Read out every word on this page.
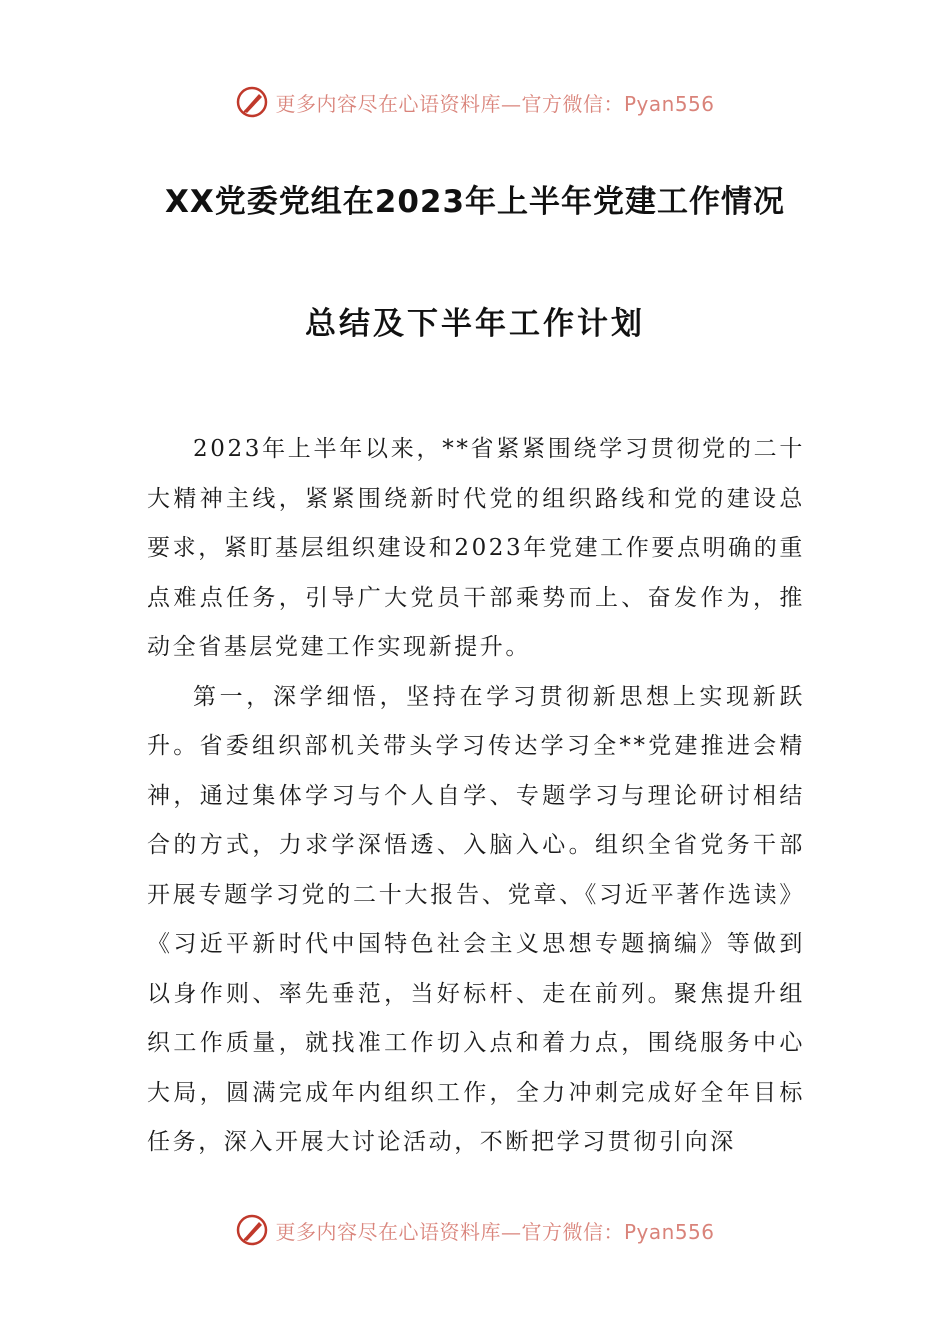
更多内容尽在心语资料库—官方微信：Pyan556
XX党委党组在2023年上半年党建工作情况
总结及下半年工作计划

2023年上半年以来，**省紧紧围绕学习贯彻党的二十大精神主线，紧紧围绕新时代党的组织路线和党的建设总要求，紧盯基层组织建设和2023年党建工作要点明确的重点难点任务，引导广大党员干部乘势而上、奋发作为，推动全省基层党建工作实现新提升。

第一，深学细悟，坚持在学习贯彻新思想上实现新跃升。省委组织部机关带头学习传达学习全**党建推进会精神，通过集体学习与个人自学、专题学习与理论研讨相结合的方式，力求学深悟透、入脑入心。组织全省党务干部开展专题学习党的二十大报告、党章、《习近平著作选读》《习近平新时代中国特色社会主义思想专题摘编》等做到以身作则、率先垂范，当好标杆、走在前列。聚焦提升组织工作质量，就找准工作切入点和着力点，围绕服务中心大局，圆满完成年内组织工作，全力冲刺完成好全年目标任务，深入开展大讨论活动，不断把学习贯彻引向深

更多内容尽在心语资料库—官方微信：Pyan556
